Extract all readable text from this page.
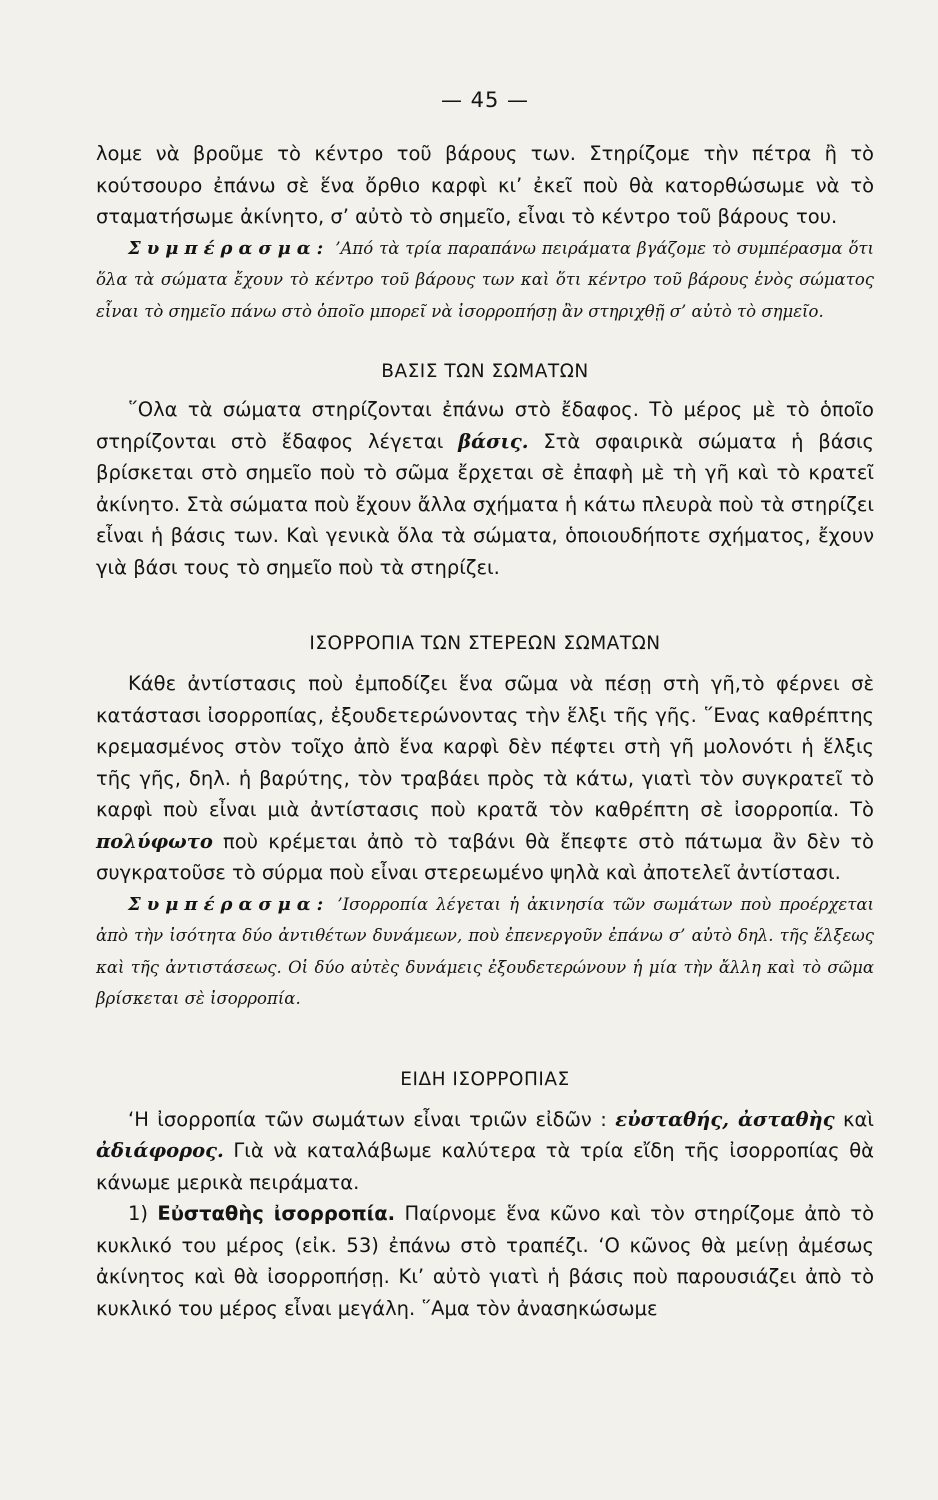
— 45 —

λομε νὰ βροῦμε τὸ κέντρο τοῦ βάρους των. Στηρίζομε τὴν πέτρα ἢ τὸ κούτσουρο ἐπάνω σὲ ἕνα ὄρθιο καρφὶ κι’ ἐκεῖ ποὺ θὰ κατορθώσωμε νὰ τὸ σταματήσωμε ἀκίνητο, σ’ αὐτὸ τὸ σημεῖο, εἶναι τὸ κέντρο τοῦ βάρους του.

Συμπέρασμα: ’Από τὰ τρία παραπάνω πειράματα βγάζομε τὸ συμπέρασμα ὅτι ὅλα τὰ σώματα ἔχουν τὸ κέντρο τοῦ βάρους των καὶ ὅτι κέντρο τοῦ βάρους ἑνὸς σώματος εἶναι τὸ σημεῖο πάνω στὸ ὁποῖο μπορεῖ νὰ ἰσορροπήσῃ ἂν στηριχθῇ σ’ αὐτὸ τὸ σημεῖο.

ΒΑΣΙΣ ΤΩΝ ΣΩΜΑΤΩΝ

῞Ολα τὰ σώματα στηρίζονται ἐπάνω στὸ ἔδαφος. Τὸ μέρος μὲ τὸ ὁποῖο στηρίζονται στὸ ἔδαφος λέγεται βάσις. Στὰ σφαιρικὰ σώματα ἡ βάσις βρίσκεται στὸ σημεῖο ποὺ τὸ σῶμα ἔρχεται σὲ ἐπαφὴ μὲ τὴ γῆ καὶ τὸ κρατεῖ ἀκίνητο. Στὰ σώματα ποὺ ἔχουν ἄλλα σχήματα ἡ κάτω πλευρὰ ποὺ τὰ στηρίζει εἶναι ἡ βάσις των. Καὶ γενικὰ ὅλα τὰ σώματα, ὁποιουδήποτε σχήματος, ἔχουν γιὰ βάσι τους τὸ σημεῖο ποὺ τὰ στηρίζει.

ΙΣΟΡΡΟΠΙΑ ΤΩΝ ΣΤΕΡΕΩΝ ΣΩΜΑΤΩΝ

Κάθε ἀντίστασις ποὺ ἐμποδίζει ἕνα σῶμα νὰ πέσῃ στὴ γῆ,τὸ φέρνει σὲ κατάστασι ἰσορροπίας, ἐξουδετερώνοντας τὴν ἕλξι τῆς γῆς. ῞Ενας καθρέπτης κρεμασμένος στὸν τοῖχο ἀπὸ ἕνα καρφὶ δὲν πέφτει στὴ γῆ μολονότι ἡ ἕλξις τῆς γῆς, δηλ. ἡ βαρύτης, τὸν τραβάει πρὸς τὰ κάτω, γιατὶ τὸν συγκρατεῖ τὸ καρφὶ ποὺ εἶναι μιὰ ἀντίστασις ποὺ κρατᾶ τὸν καθρέπτη σὲ ἰσορροπία. Τὸ πολύφωτο ποὺ κρέμεται ἀπὸ τὸ ταβάνι θὰ ἔπεφτε στὸ πάτωμα ἂν δὲν τὸ συγκρατοῦσε τὸ σύρμα ποὺ εἶναι στερεωμένο ψηλὰ καὶ ἀποτελεῖ ἀντίστασι.

Συμπέρασμα: ’Ισορροπία λέγεται ἡ ἀκινησία τῶν σωμάτων ποὺ προέρχεται ἀπὸ τὴν ἰσότητα δύο ἀντιθέτων δυνάμεων, ποὺ ἐπενεργοῦν ἐπάνω σ’ αὐτὸ δηλ. τῆς ἕλξεως καὶ τῆς ἀντιστάσεως. Οἱ δύο αὐτὲς δυνάμεις ἐξουδετερώνουν ἡ μία τὴν ἄλλη καὶ τὸ σῶμα βρίσκεται σὲ ἰσορροπία.

ΕΙΔΗ ΙΣΟΡΡΟΠΙΑΣ

‘Η ἰσορροπία τῶν σωμάτων εἶναι τριῶν εἰδῶν : εὐσταθής, ἀσταθὴς καὶ ἀδιάφορος. Γιὰ νὰ καταλάβωμε καλύτερα τὰ τρία εἴδη τῆς ἰσορροπίας θὰ κάνωμε μερικὰ πειράματα.

1) Εὐσταθὴς ἰσορροπία. Παίρνομε ἕνα κῶνο καὶ τὸν στηρίζομε ἀπὸ τὸ κυκλικό του μέρος (εἰκ. 53) ἐπάνω στὸ τραπέζι. ‘Ο κῶνος θὰ μείνῃ ἀμέσως ἀκίνητος καὶ θὰ ἰσορροπήσῃ. Κι’ αὐτὸ γιατὶ ἡ βάσις ποὺ παρουσιάζει ἀπὸ τὸ κυκλικό του μέρος εἶναι μεγάλη. ῞Αμα τὸν ἀνασηκώσωμε
